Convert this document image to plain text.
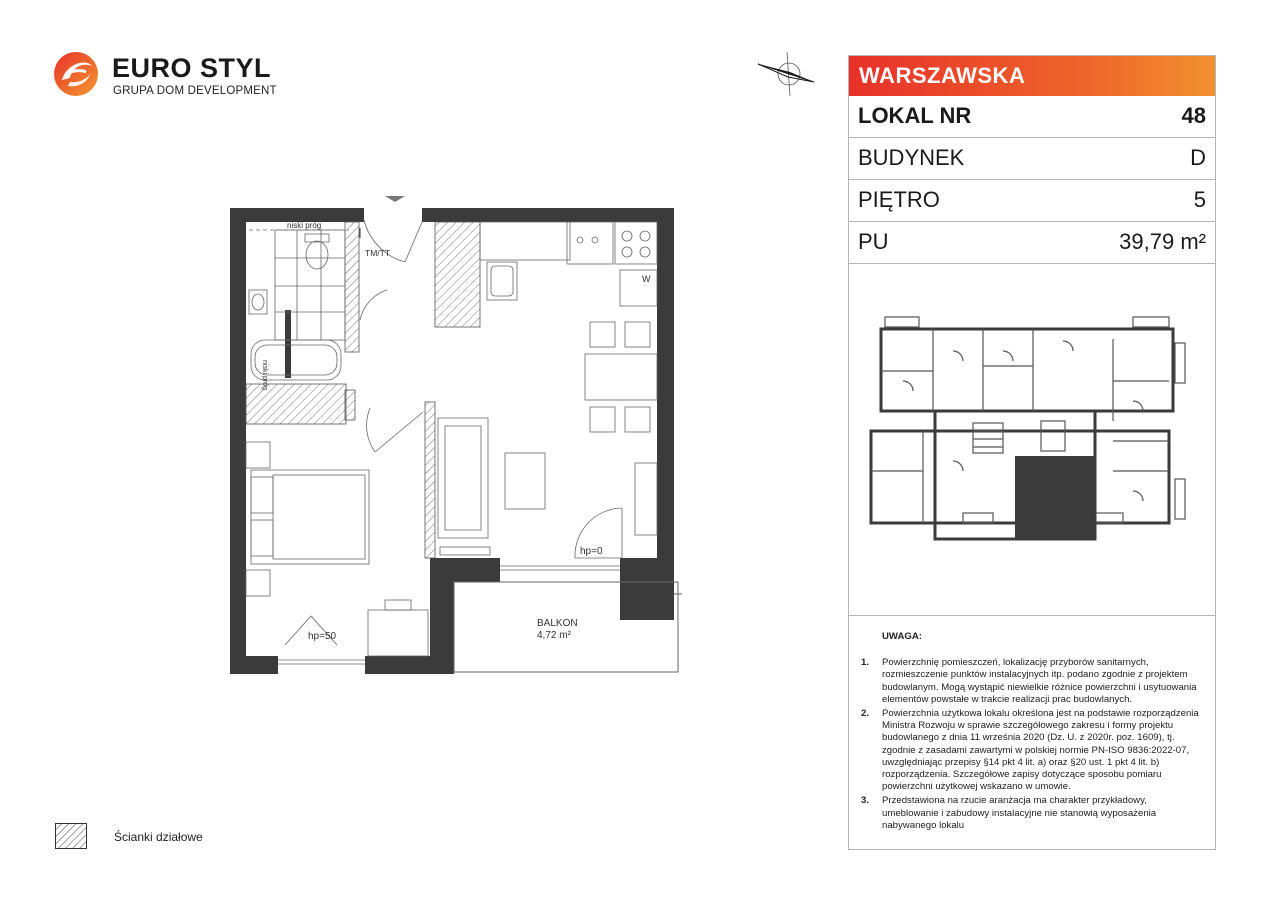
EURO STYL
GRUPA DOM DEVELOPMENT
WARSZAWSKA
LOKAL NR	48
BUDYNEK	D
PIĘTRO	5
PU	39,79 m²
UWAGA:
1. Powierzchnię pomieszczeń, lokalizację przyborów sanitarnych, rozmieszczenie punktów instalacyjnych itp. podano zgodnie z projektem budowlanym. Mogą wystąpić niewielkie różnice powierzchni i usytuowania elementów powstałe w trakcie realizacji prac budowlanych.
2. Powierzchnia użytkowa lokalu określona jest na podstawie rozporządzenia Ministra Rozwoju w sprawie szczegółowego zakresu i formy projektu budowlanego z dnia 11 września 2020 (Dz. U. z 2020r. poz. 1609), tj. zgodnie z zasadami zawartymi w polskiej normie PN-ISO 9836:2022-07, uwzględniając przepisy §14 pkt 4 lit. a) oraz §20 ust. 1 pkt 4 lit. b) rozporządzenia. Szczegółowe zapisy dotyczące sposobu pomiaru powierzchni użytkowej wskazano w umowie.
3. Przedstawiona na rzucie aranżacja ma charakter przykładowy, umeblowanie i zabudowy instalacyjne nie stanowią wyposażenia nabywanego lokalu
niski próg
niski próg
TM/TT
W
hp=0
hp=50
BALKON
4,72 m²
Ścianki działowe
